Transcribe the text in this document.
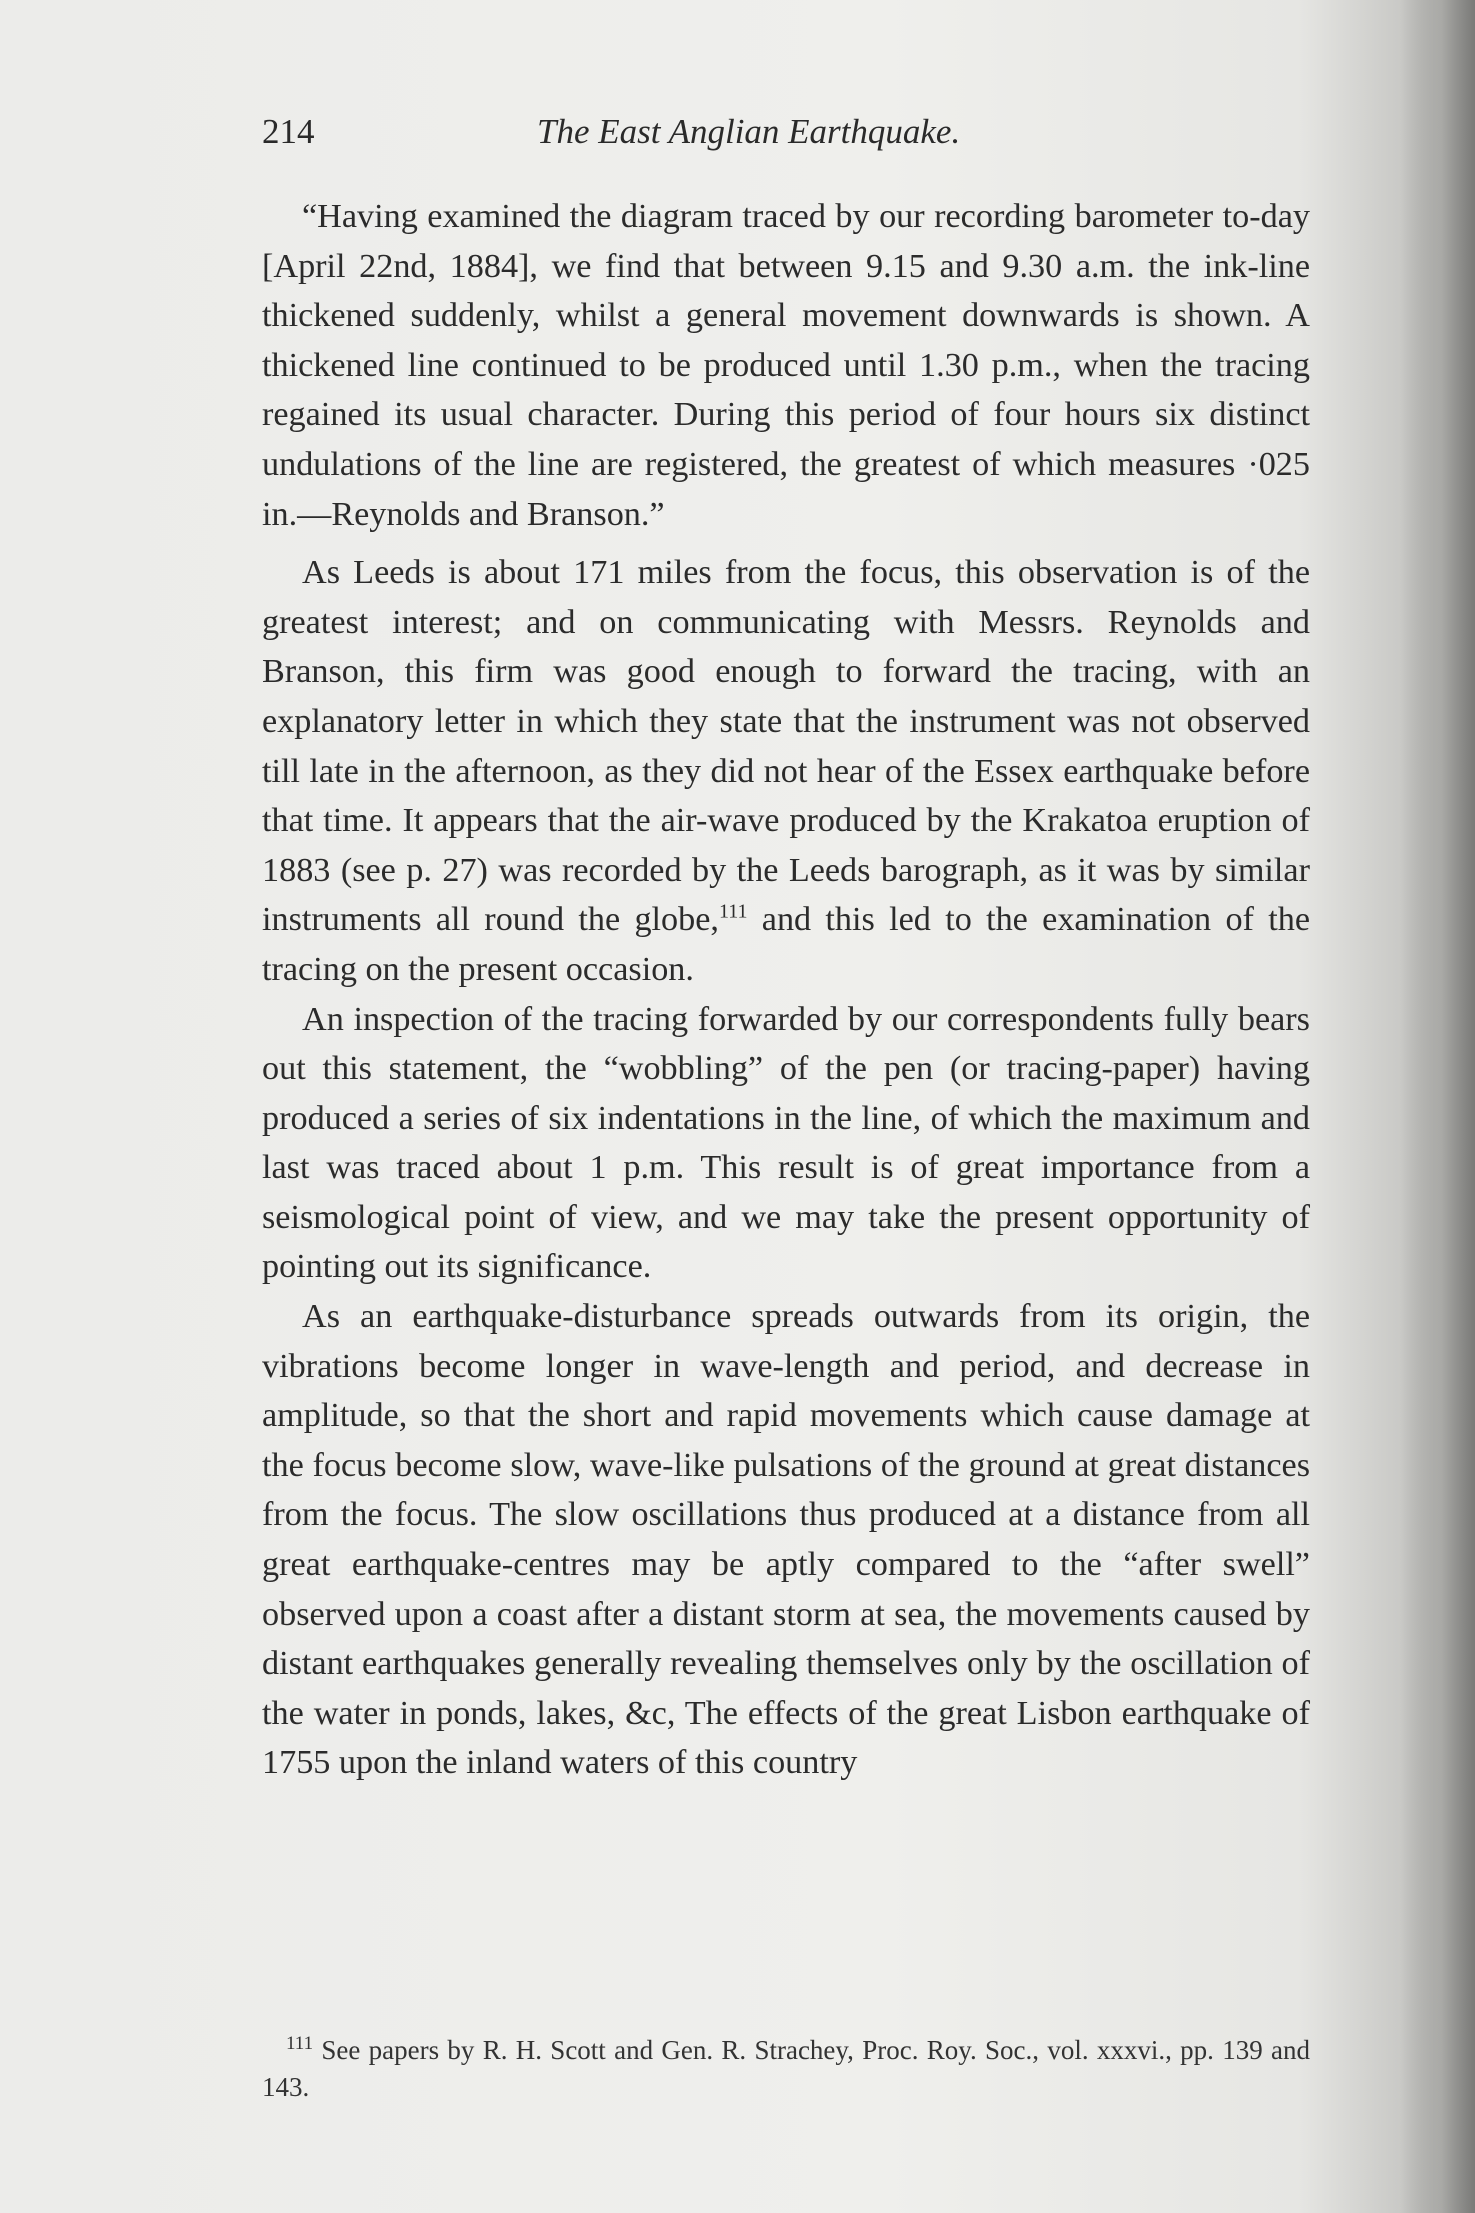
214	The East Anglian Earthquake.

“Having examined the diagram traced by our recording barometer to-day [April 22nd, 1884], we find that between 9.15 and 9.30 a.m. the ink-line thickened suddenly, whilst a general movement downwards is shown. A thickened line continued to be produced until 1.30 p.m., when the tracing regained its usual character. During this period of four hours six distinct undulations of the line are registered, the greatest of which measures ·025 in.—Reynolds and Branson.”

As Leeds is about 171 miles from the focus, this observation is of the greatest interest; and on communicating with Messrs. Reynolds and Branson, this firm was good enough to forward the tracing, with an explanatory letter in which they state that the instrument was not observed till late in the afternoon, as they did not hear of the Essex earthquake before that time. It appears that the air-wave produced by the Krakatoa eruption of 1883 (see p. 27) was recorded by the Leeds barograph, as it was by similar instruments all round the globe,$^{111}$ and this led to the examination of the tracing on the present occasion.

An inspection of the tracing forwarded by our correspondents fully bears out this statement, the “wobbling” of the pen (or tracing-paper) having produced a series of six indentations in the line, of which the maximum and last was traced about 1 p.m. This result is of great importance from a seismological point of view, and we may take the present opportunity of pointing out its significance.

As an earthquake-disturbance spreads outwards from its origin, the vibrations become longer in wave-length and period, and decrease in amplitude, so that the short and rapid movements which cause damage at the focus become slow, wave-like pulsations of the ground at great distances from the focus. The slow oscillations thus produced at a distance from all great earthquake-centres may be aptly compared to the “after swell” observed upon a coast after a distant storm at sea, the movements caused by distant earthquakes generally revealing themselves only by the oscillation of the water in ponds, lakes, &c, The effects of the great Lisbon earthquake of 1755 upon the inland waters of this country

$^{111}$ See papers by R. H. Scott and Gen. R. Strachey, Proc. Roy. Soc., vol. xxxvi., pp. 139 and 143.
